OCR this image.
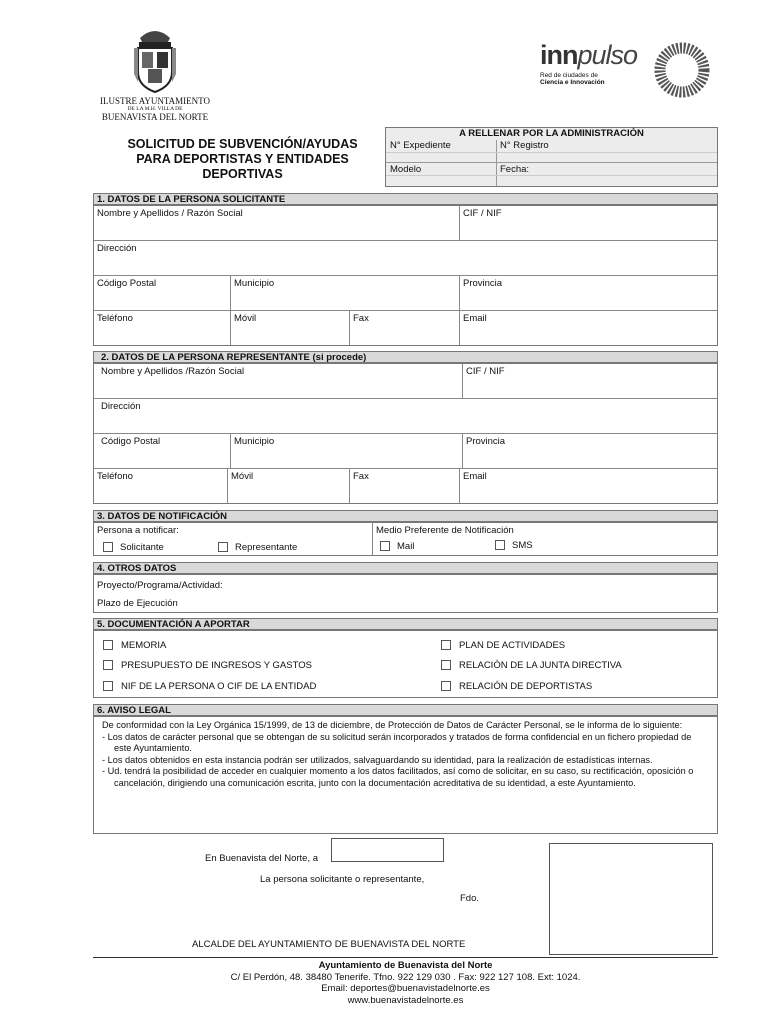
ILUSTRE AYUNTAMIENTO
DE LA M.H. VILLA DE
BUENAVISTA DEL NORTE
innpulso
Red de ciudades de
Ciencia e Innovación
SOLICITUD DE SUBVENCIÓN/AYUDAS PARA DEPORTISTAS Y ENTIDADES DEPORTIVAS
A RELLENAR POR LA ADMINISTRACIÓN
N° Expediente	N° Registro
Modelo	Fecha:
1. DATOS DE LA PERSONA SOLICITANTE
Nombre y Apellidos / Razón Social	CIF / NIF
Dirección
Código Postal	Municipio	Provincia
Teléfono	Móvil	Fax	Email
2. DATOS DE LA PERSONA REPRESENTANTE (si procede)
Nombre y Apellidos /Razón Social	CIF / NIF
Dirección
Código Postal	Municipio	Provincia
Teléfono	Móvil	Fax	Email
3. DATOS DE NOTIFICACIÓN
Persona a notificar:
Solicitante	Representante
Medio Preferente de Notificación
Mail	SMS
4. OTROS DATOS
Proyecto/Programa/Actividad:
Plazo de Ejecución
5. DOCUMENTACIÓN A APORTAR
MEMORIA	PLAN DE ACTIVIDADES
PRESUPUESTO DE INGRESOS Y GASTOS	RELACIÓN DE LA JUNTA DIRECTIVA
NIF DE LA PERSONA O CIF DE LA ENTIDAD	RELACIÓN DE DEPORTISTAS
6. AVISO LEGAL

De conformidad con la Ley Orgánica 15/1999, de 13 de diciembre, de Protección de Datos de Carácter Personal, se le informa de lo siguiente:

- Los datos de carácter personal que se obtengan de su solicitud serán incorporados y tratados de forma confidencial en un fichero propiedad de este Ayuntamiento.

- Los datos obtenidos en esta instancia podrán ser utilizados, salvaguardando su identidad, para la realización de estadísticas internas.

- Ud. tendrá la posibilidad de acceder en cualquier momento a los datos facilitados, así como de solicitar, en su caso, su rectificación, oposición o cancelación, dirigiendo una comunicación escrita, junto con la documentación acreditativa de su identidad, a este Ayuntamiento.

En Buenavista del Norte, a
La persona solicitante o representante,
Fdo.
ALCALDE DEL AYUNTAMIENTO DE BUENAVISTA DEL NORTE
Ayuntamiento de Buenavista del Norte
C/ El Perdón, 48. 38480 Tenerife. Tfno. 922 129 030 . Fax: 922 127 108. Ext: 1024.
Email: deportes@buenavistadelnorte.es
www.buenavistadelnorte.es
